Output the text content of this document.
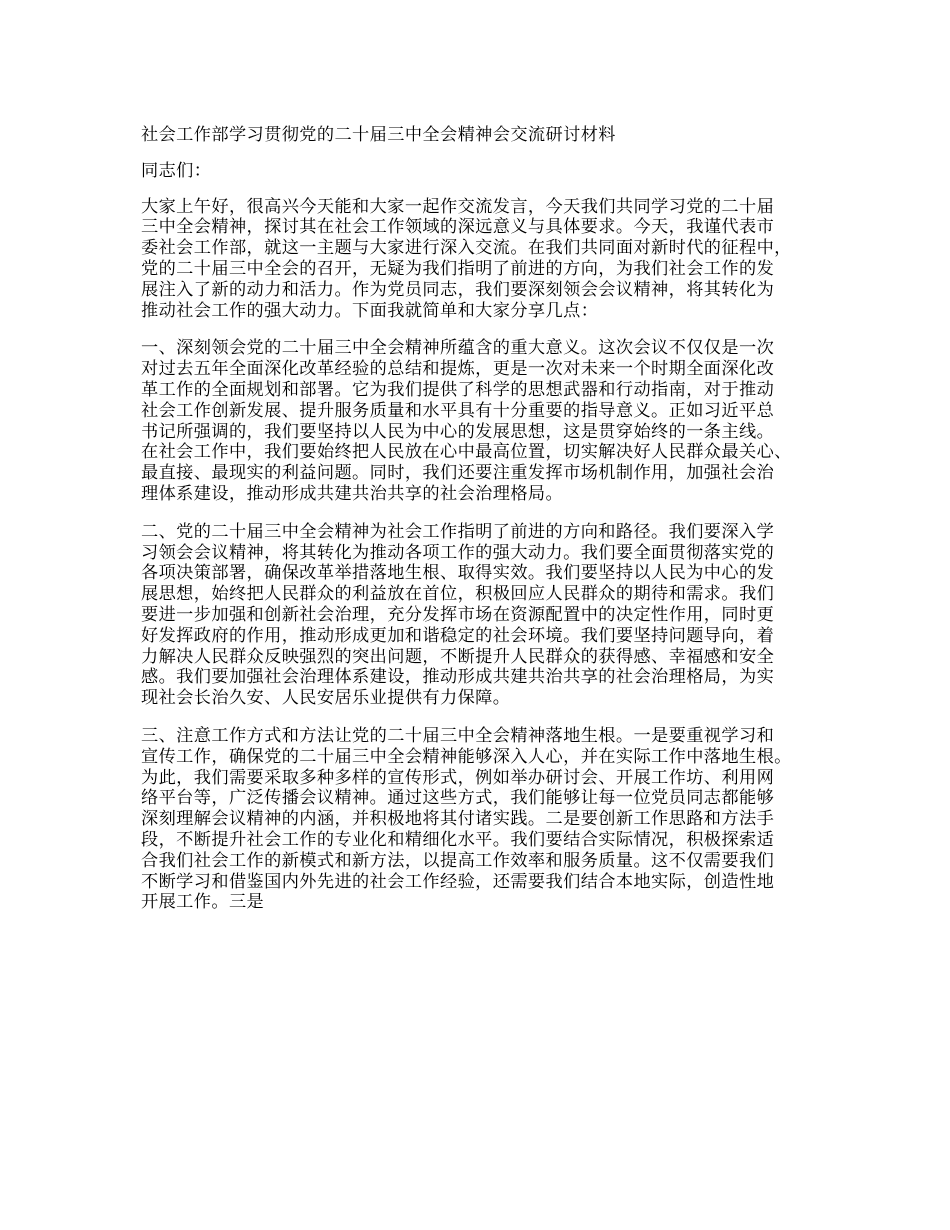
社会工作部学习贯彻党的二十届三中全会精神会交流研讨材料
同志们：
大家上午好，很高兴今天能和大家一起作交流发言，今天我们共同学习党的二十届
三中全会精神，探讨其在社会工作领域的深远意义与具体要求。今天，我谨代表市
委社会工作部，就这一主题与大家进行深入交流。在我们共同面对新时代的征程中，
党的二十届三中全会的召开，无疑为我们指明了前进的方向，为我们社会工作的发
展注入了新的动力和活力。作为党员同志，我们要深刻领会会议精神，将其转化为
推动社会工作的强大动力。下面我就简单和大家分享几点：
一、深刻领会党的二十届三中全会精神所蕴含的重大意义。这次会议不仅仅是一次
对过去五年全面深化改革经验的总结和提炼，更是一次对未来一个时期全面深化改
革工作的全面规划和部署。它为我们提供了科学的思想武器和行动指南，对于推动
社会工作创新发展、提升服务质量和水平具有十分重要的指导意义。正如习近平总
书记所强调的，我们要坚持以人民为中心的发展思想，这是贯穿始终的一条主线。
在社会工作中，我们要始终把人民放在心中最高位置，切实解决好人民群众最关心、
最直接、最现实的利益问题。同时，我们还要注重发挥市场机制作用，加强社会治
理体系建设，推动形成共建共治共享的社会治理格局。
二、党的二十届三中全会精神为社会工作指明了前进的方向和路径。我们要深入学
习领会会议精神，将其转化为推动各项工作的强大动力。我们要全面贯彻落实党的
各项决策部署，确保改革举措落地生根、取得实效。我们要坚持以人民为中心的发
展思想，始终把人民群众的利益放在首位，积极回应人民群众的期待和需求。我们
要进一步加强和创新社会治理，充分发挥市场在资源配置中的决定性作用，同时更
好发挥政府的作用，推动形成更加和谐稳定的社会环境。我们要坚持问题导向，着
力解决人民群众反映强烈的突出问题，不断提升人民群众的获得感、幸福感和安全
感。我们要加强社会治理体系建设，推动形成共建共治共享的社会治理格局，为实
现社会长治久安、人民安居乐业提供有力保障。
三、注意工作方式和方法让党的二十届三中全会精神落地生根。一是要重视学习和
宣传工作，确保党的二十届三中全会精神能够深入人心，并在实际工作中落地生根。
为此，我们需要采取多种多样的宣传形式，例如举办研讨会、开展工作坊、利用网
络平台等，广泛传播会议精神。通过这些方式，我们能够让每一位党员同志都能够
深刻理解会议精神的内涵，并积极地将其付诸实践。二是要创新工作思路和方法手
段，不断提升社会工作的专业化和精细化水平。我们要结合实际情况，积极探索适
合我们社会工作的新模式和新方法，以提高工作效率和服务质量。这不仅需要我们
不断学习和借鉴国内外先进的社会工作经验，还需要我们结合本地实际，创造性地
开展工作。三是
